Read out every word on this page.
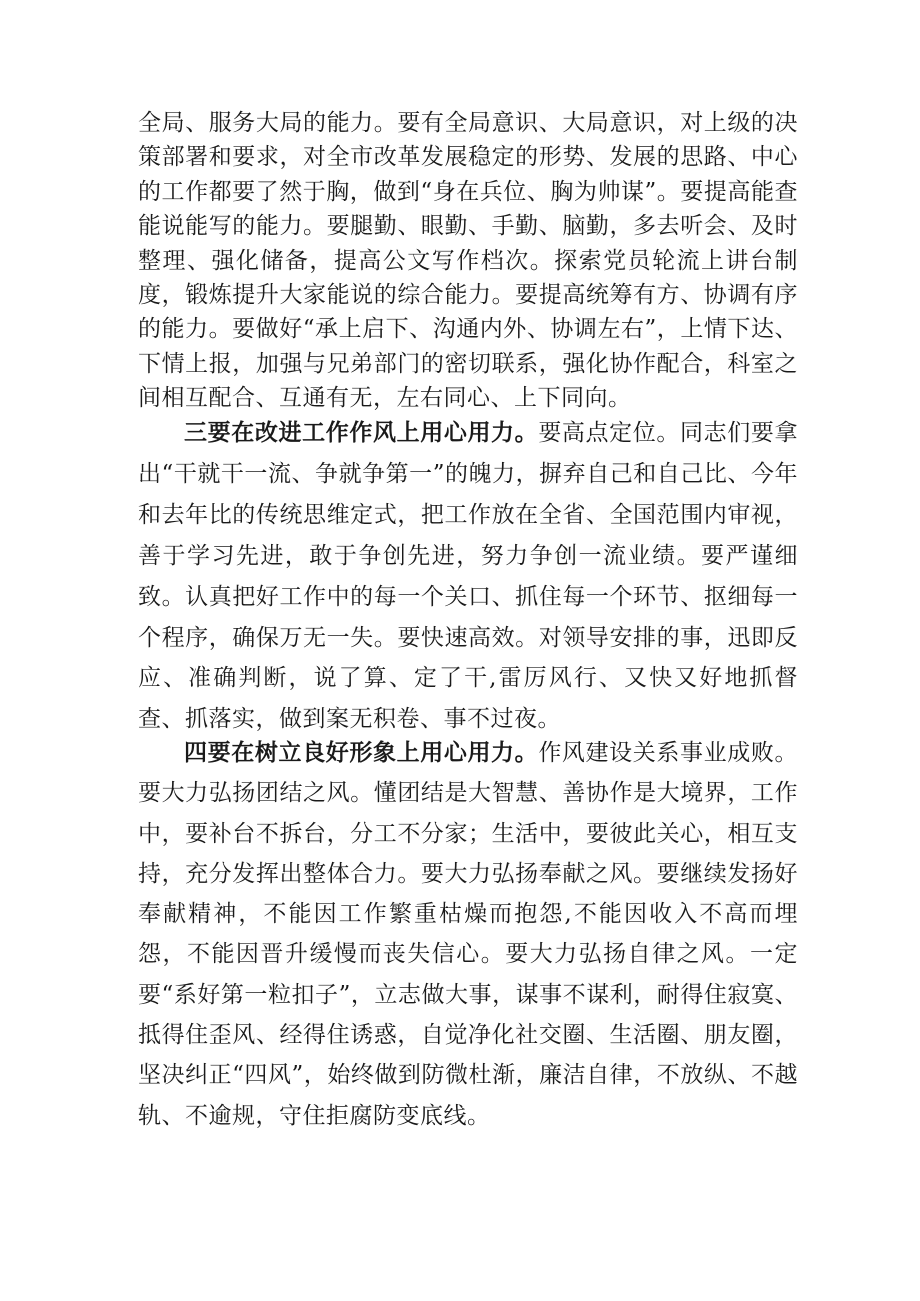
全局、服务大局的能力。要有全局意识、大局意识，对上级的决策部署和要求，对全市改革发展稳定的形势、发展的思路、中心的工作都要了然于胸，做到“身在兵位、胸为帅谋”。要提高能查能说能写的能力。要腿勤、眼勤、手勤、脑勤，多去听会、及时整理、强化储备，提高公文写作档次。探索党员轮流上讲台制度，锻炼提升大家能说的综合能力。要提高统筹有方、协调有序的能力。要做好“承上启下、沟通内外、协调左右”，上情下达、下情上报，加强与兄弟部门的密切联系，强化协作配合，科室之间相互配合、互通有无，左右同心、上下同向。

三要在改进工作作风上用心用力。要高点定位。同志们要拿出“干就干一流、争就争第一”的魄力，摒弃自己和自己比、今年和去年比的传统思维定式，把工作放在全省、全国范围内审视，善于学习先进，敢于争创先进，努力争创一流业绩。要严谨细致。认真把好工作中的每一个关口、抓住每一个环节、抠细每一个程序，确保万无一失。要快速高效。对领导安排的事，迅即反应、准确判断，说了算、定了干,雷厉风行、又快又好地抓督查、抓落实，做到案无积卷、事不过夜。

四要在树立良好形象上用心用力。作风建设关系事业成败。要大力弘扬团结之风。懂团结是大智慧、善协作是大境界，工作中，要补台不拆台，分工不分家；生活中，要彼此关心，相互支持，充分发挥出整体合力。要大力弘扬奉献之风。要继续发扬好奉献精神，不能因工作繁重枯燥而抱怨,不能因收入不高而埋怨，不能因晋升缓慢而丧失信心。要大力弘扬自律之风。一定要“系好第一粒扣子”，立志做大事，谋事不谋利，耐得住寂寞、抵得住歪风、经得住诱惑，自觉净化社交圈、生活圈、朋友圈，坚决纠正“四风”，始终做到防微杜渐，廉洁自律，不放纵、不越轨、不逾规，守住拒腐防变底线。
